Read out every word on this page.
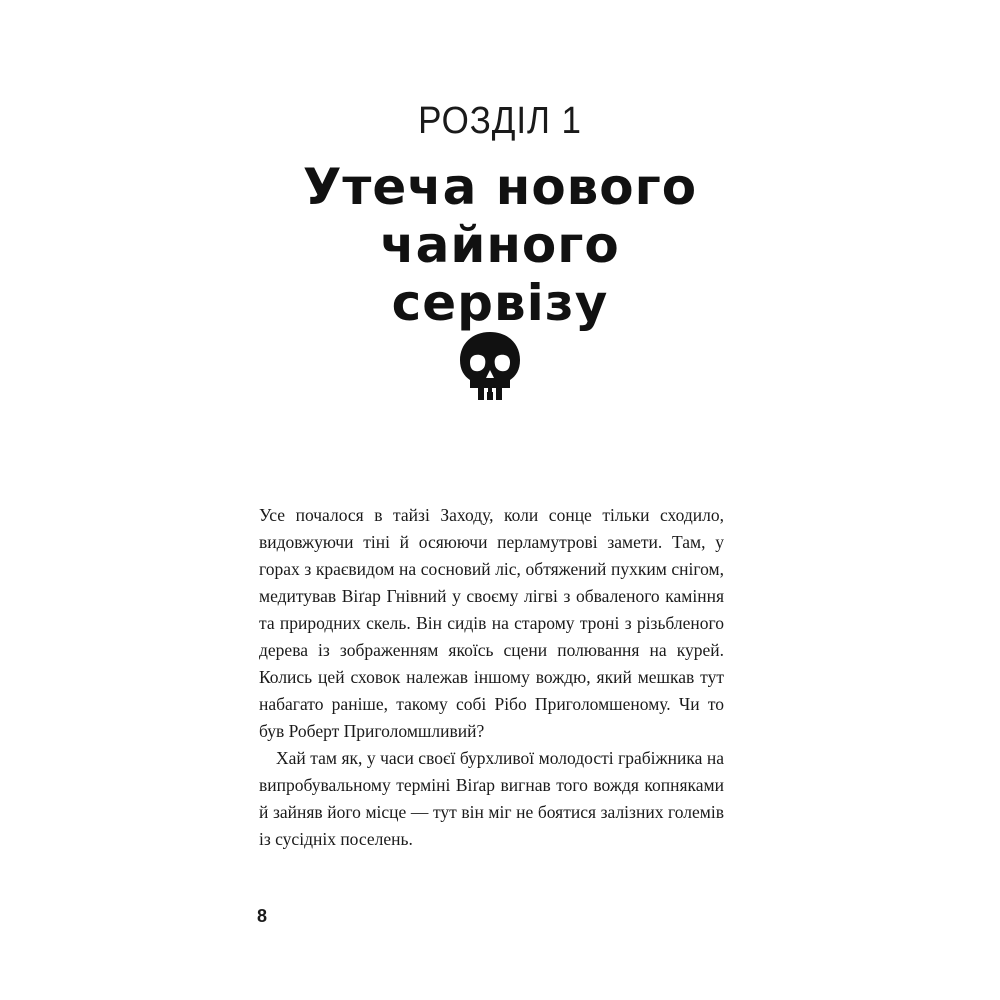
РОЗДІЛ 1
Утеча нового
чайного
сервізу

Усе почалося в тайзі Заходу, коли сонце тільки сходило, видовжуючи тіні й осяюючи перламутрові замети. Там, у горах з краєвидом на сосновий ліс, обтяжений пухким снігом, медитував Віґар Гнівний у своєму лігві з обваленого каміння та природних скель. Він сидів на старому троні з різьбленого дерева із зображенням якоїсь сцени полювання на курей. Колись цей сховок належав іншому вождю, який мешкав тут набагато раніше, такому собі Рібо Приголомшеному. Чи то був Роберт Приголомшливий?

Хай там як, у часи своєї бурхливої молодості грабіжника на випробувальному терміні Віґар вигнав того вождя копняками й зайняв його місце — тут він міг не боятися залізних големів із сусідніх поселень.

8
